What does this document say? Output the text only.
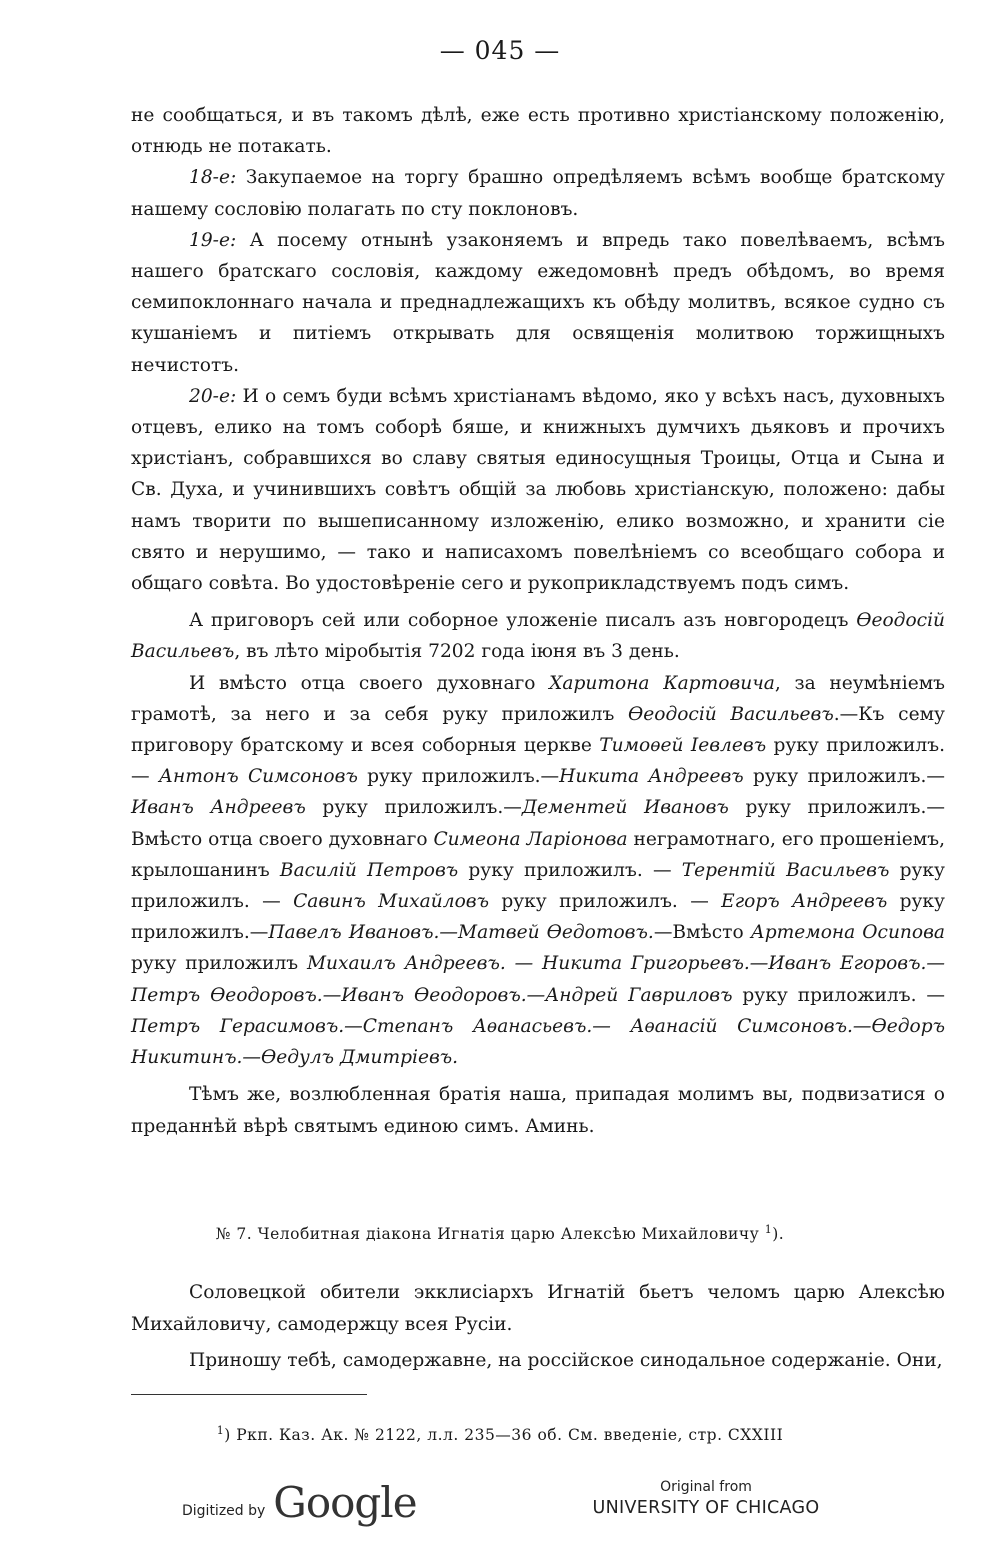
— 045 —

не сообщаться, и въ такомъ дѣлѣ, еже есть противно христіанскому положенію, отнюдь не потакать.

18-е: Закупаемое на торгу брашно опредѣляемъ всѣмъ вообще братскому нашему сословію полагать по сту поклоновъ.

19-е: А посему отнынѣ узаконяемъ и впредь тако повелѣваемъ, всѣмъ нашего братскаго сословія, каждому ежедомовнѣ предъ обѣдомъ, во время семипоклоннаго начала и преднадлежащихъ къ обѣду молитвъ, всякое судно съ кушаніемъ и питіемъ открывать для освященія молитвою торжищныхъ нечистотъ.

20-е: И о семъ буди всѣмъ христіанамъ вѣдомо, яко у всѣхъ насъ, духовныхъ отцевъ, елико на томъ соборѣ бяше, и книжныхъ думчихъ дьяковъ и прочихъ христіанъ, собравшихся во славу святыя единосущныя Троицы, Отца и Сына и Св. Духа, и учинившихъ совѣтъ общій за любовь христіанскую, положено: дабы намъ творити по вышеписанному изложенію, елико возможно, и хранити сіе свято и нерушимо, — тако и написахомъ повелѣніемъ со всеобщаго собора и общаго совѣта. Во удостовѣреніе сего и рукоприкладствуемъ подъ симъ.

А приговоръ сей или соборное уложеніе писалъ азъ новгородецъ Ѳеодосій Васильевъ, въ лѣто міробытія 7202 года іюня въ 3 день.

И вмѣсто отца своего духовнаго Харитона Картовича, за неумѣніемъ грамотѣ, за него и за себя руку приложилъ Ѳеодосій Васильевъ.—Къ сему приговору братскому и всея соборныя церкве Тимоѳей Іевлевъ руку приложилъ. — Антонъ Симсоновъ руку приложилъ.—Никита Андреевъ руку приложилъ.—Иванъ Андреевъ руку приложилъ.—Дементей Ивановъ руку приложилъ.—Вмѣсто отца своего духовнаго Симеона Ларіонова неграмотнаго, его прошеніемъ, крылошанинъ Василій Петровъ руку приложилъ. — Терентій Васильевъ руку приложилъ. — Савинъ Михайловъ руку приложилъ. — Егоръ Андреевъ руку приложилъ.—Павелъ Ивановъ.—Матвей Ѳедотовъ.—Вмѣсто Артемона Осипова руку приложилъ Михаилъ Андреевъ. — Никита Григорьевъ.—Иванъ Егоровъ.— Петръ Ѳеодоровъ.—Иванъ Ѳеодоровъ.—Андрей Гавриловъ руку приложилъ. —Петръ Герасимовъ.—Степанъ Аѳанасьевъ.— Аѳанасій Симсоновъ.—Ѳедоръ Никитинъ.—Ѳедулъ Дмитріевъ.

Тѣмъ же, возлюбленная братія наша, припадая молимъ вы, подвизатися о преданнѣй вѣрѣ святымъ единою симъ. Аминь.

№ 7. Челобитная діакона Игнатія царю Алексѣю Михайловичу $^1$).

Соловецкой обители экклисіархъ Игнатій бьетъ челомъ царю Алексѣю Михайловичу, самодержцу всея Русіи.

Приношу тебѣ, самодержавне, на россійское синодальное содержаніе. Они,

$^1$) Ркп. Каз. Ак. № 2122, л.л. 235—36 об. См. введеніе, стр. CXXIII
Digitized by Google	Original from
UNIVERSITY OF CHICAGO
